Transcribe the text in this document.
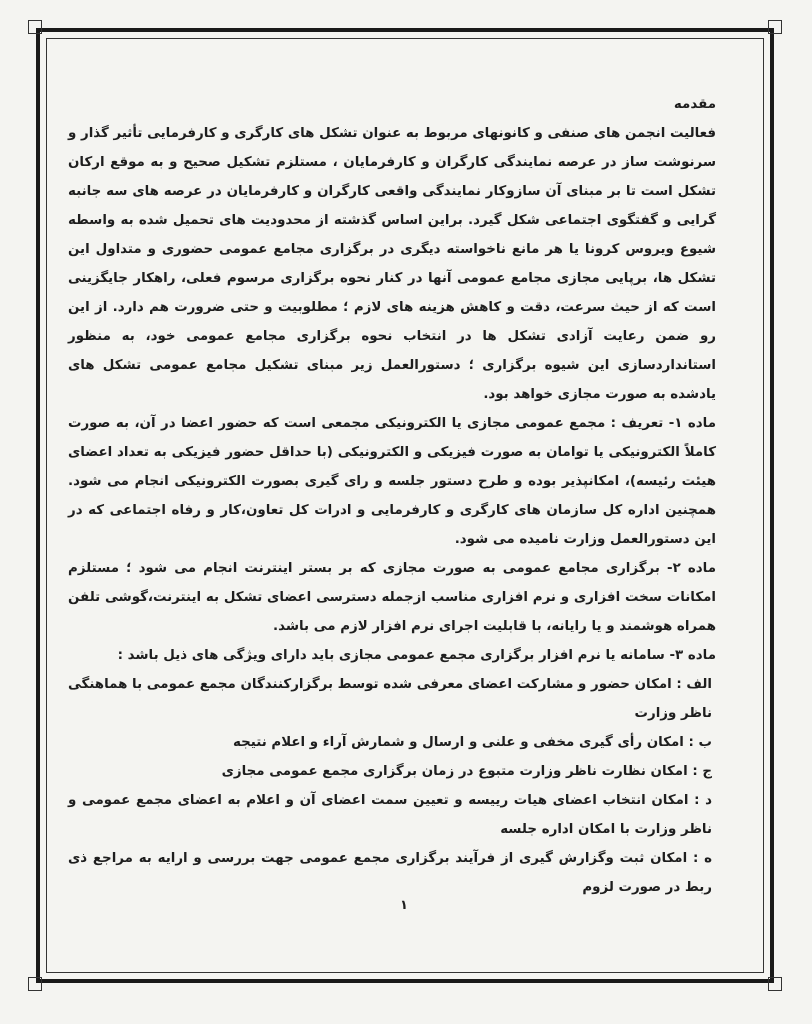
مقدمه

فعالیت انجمن های صنفی و کانونهای مربوط به عنوان تشکل های کارگری و کارفرمایی تأثیر گذار و سرنوشت ساز در عرصه نمایندگی کارگران و کارفرمایان ، مستلزم تشکیل صحیح و به موقع ارکان تشکل است تا بر مبنای آن سازوکار نمایندگی واقعی کارگران و کارفرمایان در عرصه های سه جانبه گرایی و گفتگوی اجتماعی شکل گیرد. براین اساس گذشته از محدودیت های تحمیل شده به واسطه شیوع ویروس کرونا یا هر مانع ناخواسته دیگری در برگزاری مجامع عمومی حضوری و متداول این تشکل ها، برپایی مجازی مجامع عمومی آنها در کنار نحوه برگزاری مرسوم فعلی، راهکار جایگزینی است که از حیث سرعت، دقت و کاهش هزینه های لازم ؛ مطلوبیت و حتی ضرورت هم دارد. از این رو ضمن رعایت آزادی تشکل ها در انتخاب نحوه برگزاری مجامع عمومی خود، به منظور استانداردسازی این شیوه برگزاری ؛ دستورالعمل زیر مبنای تشکیل مجامع عمومی تشکل های یادشده به صورت مجازی خواهد بود.

ماده ۱- تعریف : مجمع عمومی مجازی یا الکترونیکی مجمعی است که حضور اعضا در آن، به صورت کاملاً الکترونیکی یا توامان به صورت فیزیکی و الکترونیکی (با حداقل حضور فیزیکی به تعداد اعضای هیئت رئیسه)، امکانپذیر بوده و طرح دستور جلسه و رای گیری بصورت الکترونیکی انجام می شود. همچنین اداره کل سازمان های کارگری و کارفرمایی و ادرات کل تعاون،کار و رفاه اجتماعی که در این دستورالعمل وزارت نامیده می شود.

ماده ۲- برگزاری مجامع عمومی به صورت مجازی که بر بستر اینترنت انجام می شود ؛ مستلزم امکانات سخت افزاری و نرم افزاری مناسب ازجمله دسترسی اعضای تشکل به اینترنت،گوشی تلفن همراه هوشمند و یا رایانه، با قابلیت اجرای نرم افزار لازم می باشد.

ماده ۳- سامانه یا نرم افزار برگزاری مجمع عمومی مجازی باید دارای ویژگی های ذیل باشد :

الف : امکان حضور و مشارکت اعضای معرفی شده توسط برگزارکنندگان مجمع عمومی با هماهنگی ناظر وزارت

ب : امکان رأی گیری مخفی و علنی و ارسال و شمارش آراء و اعلام نتیجه

ج : امکان نظارت ناظر وزارت متبوع در زمان برگزاری مجمع عمومی مجازی

د : امکان انتخاب اعضای هیات رییسه و تعیین سمت اعضای آن و اعلام به اعضای مجمع عمومی و ناظر وزارت با امکان اداره جلسه

ه : امکان ثبت وگزارش گیری از فرآیند برگزاری مجمع عمومی جهت بررسی و ارایه به مراجع ذی ربط در صورت لزوم

۱
